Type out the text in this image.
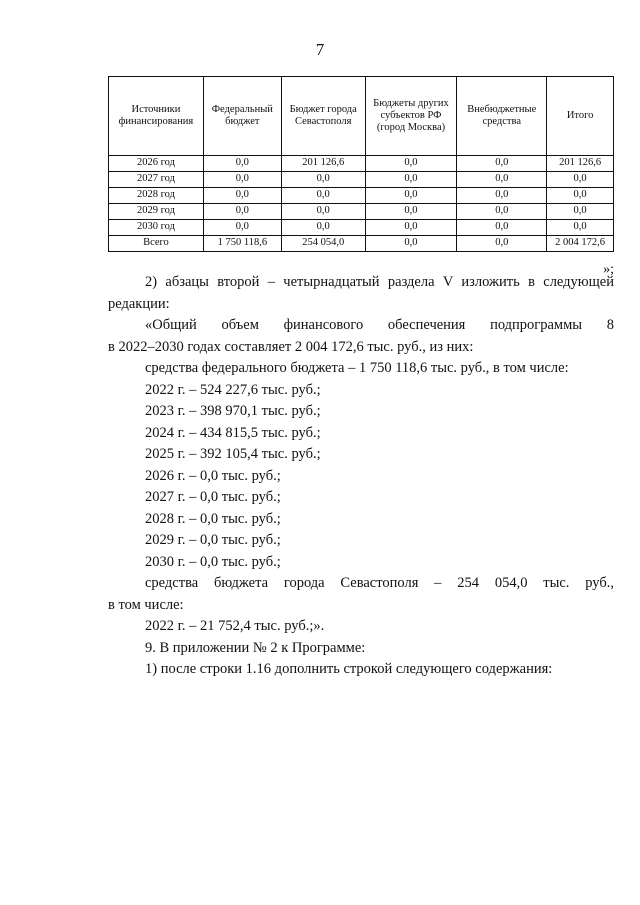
7
Источники финансирования	Федеральный бюджет	Бюджет города Севастополя	Бюджеты других субъектов РФ (город Москва)	Внебюджетные средства	Итого
2026 год	0,0	201 126,6	0,0	0,0	201 126,6
2027 год	0,0	0,0	0,0	0,0	0,0
2028 год	0,0	0,0	0,0	0,0	0,0
2029 год	0,0	0,0	0,0	0,0	0,0
2030 год	0,0	0,0	0,0	0,0	0,0
Всего	1 750 118,6	254 054,0	0,0	0,0	2 004 172,6
»;

2) абзацы второй – четырнадцатый раздела V изложить в следующей

редакции:

«Общий объем финансового обеспечения подпрограммы 8

в 2022–2030 годах составляет 2 004 172,6 тыс. руб., из них:

средства федерального бюджета – 1 750 118,6 тыс. руб., в том числе:

2022 г. – 524 227,6 тыс. руб.;

2023 г. – 398 970,1 тыс. руб.;

2024 г. – 434 815,5 тыс. руб.;

2025 г. – 392 105,4 тыс. руб.;

2026 г. – 0,0 тыс. руб.;

2027 г. – 0,0 тыс. руб.;

2028 г. – 0,0 тыс. руб.;

2029 г. – 0,0 тыс. руб.;

2030 г. – 0,0 тыс. руб.;

средства бюджета города Севастополя – 254 054,0 тыс. руб.,

в том числе:

2022 г. – 21 752,4 тыс. руб.;».

9. В приложении № 2 к Программе:

1) после строки 1.16 дополнить строкой следующего содержания:
